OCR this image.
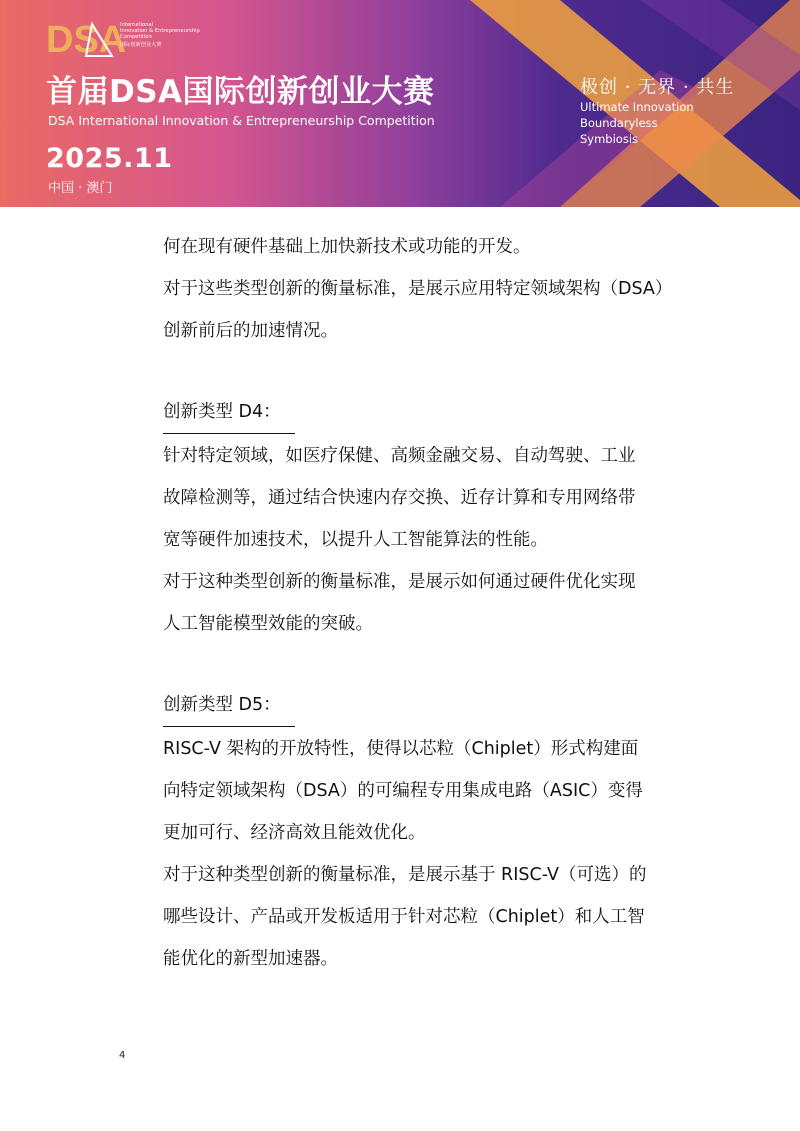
DSA
International
Innovation & Entrepreneurship
Competition
国际创新创业大赛
首届DSA国际创新创业大赛
DSA International Innovation & Entrepreneurship Competition
2025.11
中国 · 澳门
极创 · 无界 · 共生
Ultimate Innovation
Boundaryless
Symbiosis
何在现有硬件基础上加快新技术或功能的开发。
对于这些类型创新的衡量标准，是展示应用特定领域架构（DSA）
创新前后的加速情况。
创新类型 D4：
针对特定领域，如医疗保健、高频金融交易、自动驾驶、工业
故障检测等，通过结合快速内存交换、近存计算和专用网络带
宽等硬件加速技术，以提升人工智能算法的性能。
对于这种类型创新的衡量标准，是展示如何通过硬件优化实现
人工智能模型效能的突破。
创新类型 D5：
RISC-V 架构的开放特性，使得以芯粒（Chiplet）形式构建面
向特定领域架构（DSA）的可编程专用集成电路（ASIC）变得
更加可行、经济高效且能效优化。
对于这种类型创新的衡量标准，是展示基于 RISC-V（可选）的
哪些设计、产品或开发板适用于针对芯粒（Chiplet）和人工智
能优化的新型加速器。
4
